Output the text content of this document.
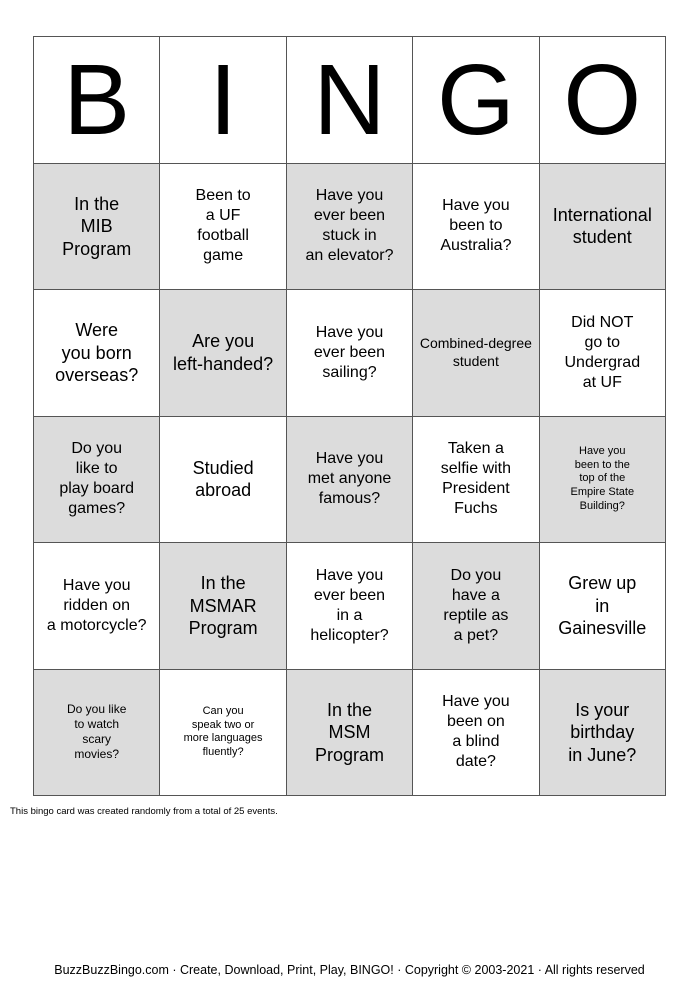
B I N G O
In the
MIB
Program
Been to
a UF
football
game
Have you
ever been
stuck in
an elevator?
Have you
been to
Australia?
International
student
Were
you born
overseas?
Are you
left-handed?
Have you
ever been
sailing?
Combined-degree
student
Did NOT
go to
Undergrad
at UF
Do you
like to
play board
games?
Studied
abroad
Have you
met anyone
famous?
Taken a
selfie with
President
Fuchs
Have you
been to the
top of the
Empire State
Building?
Have you
ridden on
a motorcycle?
In the
MSMAR
Program
Have you
ever been
in a
helicopter?
Do you
have a
reptile as
a pet?
Grew up
in
Gainesville
Do you like
to watch
scary
movies?
Can you
speak two or
more languages
fluently?
In the
MSM
Program
Have you
been on
a blind
date?
Is your
birthday
in June?
This bingo card was created randomly from a total of 25 events.
BuzzBuzzBingo.com · Create, Download, Print, Play, BINGO! · Copyright © 2003-2021 · All rights reserved
